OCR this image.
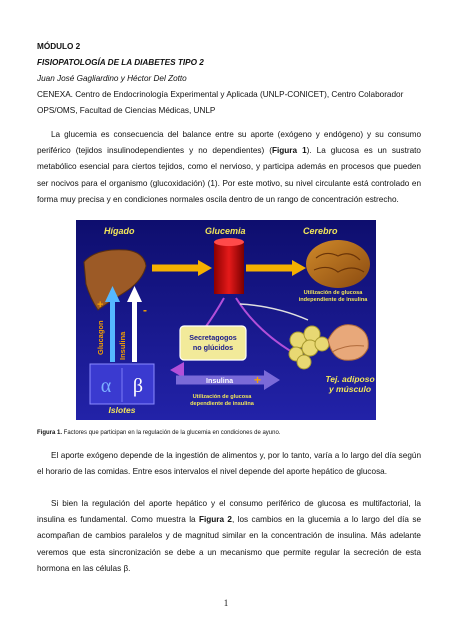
MÓDULO 2

FISIOPATOLOGÍA DE LA DIABETES TIPO 2

Juan José Gagliardino y Héctor Del Zotto

CENEXA. Centro de Endocrinología Experimental y Aplicada (UNLP-CONICET), Centro Colaborador

OPS/OMS, Facultad de Ciencias Médicas, UNLP

La glucemia es consecuencia del balance entre su aporte (exógeno y endógeno) y su consumo periférico (tejidos insulinodependientes y no dependientes) (Figura 1). La glucosa es un sustrato metabólico esencial para ciertos tejidos, como el nervioso, y participa además en procesos que pueden ser nocivos para el organismo (glucoxidación) (1). Por este motivo, su nivel circulante está controlado en forma muy precisa y en condiciones normales oscila dentro de un rango de concentración estrecho.

Hígado	Glucemia	Cerebro
Utilización de glucosa
independiente de insulina
Glucagon
+
Insulina
-
Secretagogos
no glúcidos
α β
Islotes
Insulina +
Utilización de glucosa
dependiente de insulina
Tej. adiposo
y músculo

Figura 1. Factores que participan en la regulación de la glucemia en condiciones de ayuno.

El aporte exógeno depende de la ingestión de alimentos y, por lo tanto, varía a lo largo del día según el horario de las comidas. Entre esos intervalos el nivel depende del aporte hepático de glucosa.

Si bien la regulación del aporte hepático y el consumo periférico de glucosa es multifactorial, la insulina es fundamental. Como muestra la Figura 2, los cambios en la glucemia a lo largo del día se acompañan de cambios paralelos y de magnitud similar en la concentración de insulina. Más adelante veremos que esta sincronización se debe a un mecanismo que permite regular la secreción de esta hormona en las células β.

1
